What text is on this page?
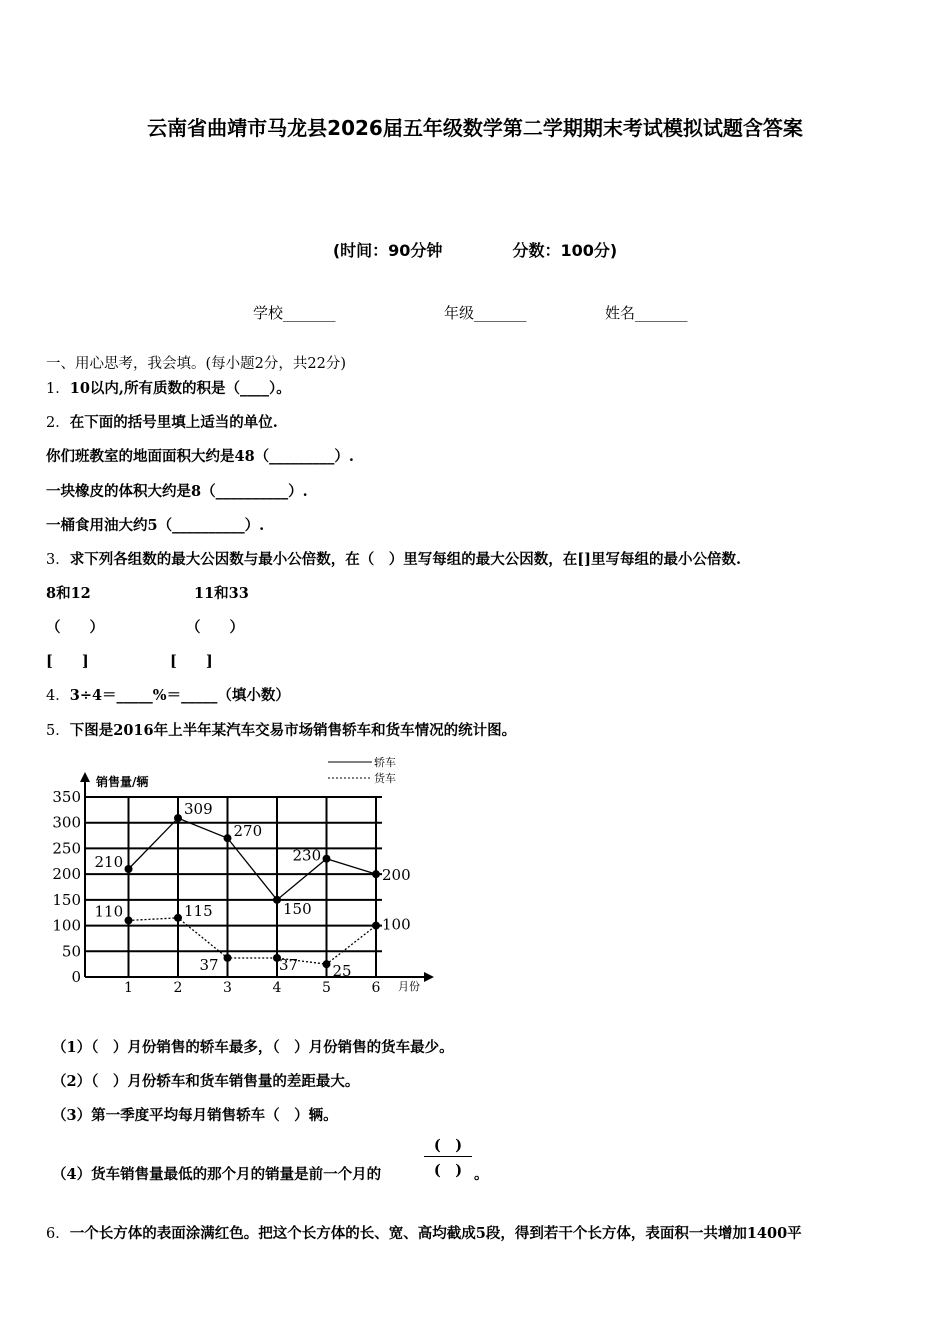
云南省曲靖市马龙县2026届五年级数学第二学期期末考试模拟试题含答案
(时间：90分钟	分数：100分)
学校_______	年级_______	姓名_______
一、用心思考，我会填。(每小题2分，共22分)
1．10以内,所有质数的积是（____）。
2．在下面的括号里填上适当的单位.
你们班教室的地面面积大约是48（_________）.
一块橡皮的体积大约是8（__________）.
一桶食用油大约5（__________）.
3．求下列各组数的最大公因数与最小公倍数，在（　）里写每组的最大公因数，在[]里写每组的最小公倍数.
8和12	11和33
（　　）	（　　）
[　　]	[　　]
4．3÷4＝_____%＝_____（填小数）
5．下图是2016年上半年某汽车交易市场销售轿车和货车情况的统计图。
0
50
100
150
200
250
300
350
销售量/辆
月份
1	2	3	4	5	6
轿车
货车
210
309
270
150
230
200
110	115
37	37 25
100
（1）（　）月份销售的轿车最多，（　）月份销售的货车最少。
（2）（　）月份轿车和货车销售量的差距最大。
（3）第一季度平均每月销售轿车（　）辆。
（4）货车销售量最低的那个月的销量是前一个月的
(　)
(　) 。
6．一个长方体的表面涂满红色。把这个长方体的长、宽、高均截成5段，得到若干个长方体，表面积一共增加1400平
